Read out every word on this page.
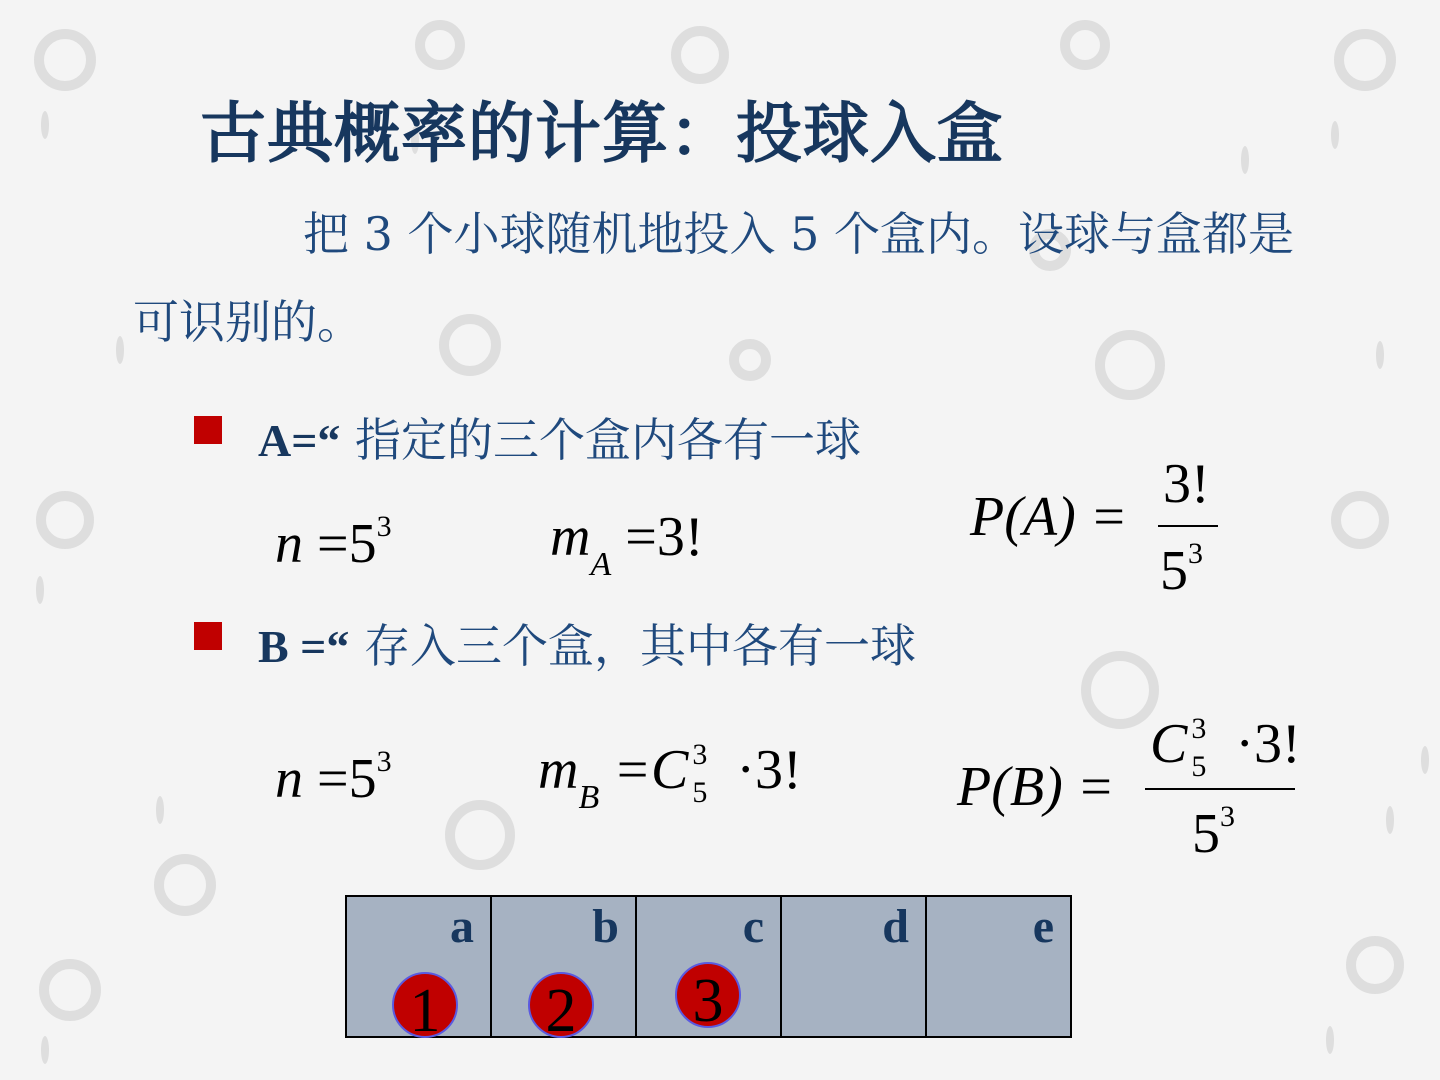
古典概率的计算：投球入盒
把 3 个小球随机地投入 5 个盒内。设球与盒都是可识别的。
A=“ 指定的三个盒内各有一球
$n =5^3$	$m_A =3$!	P(A) =
3!
$5^3$
B =“ 存入三个盒，其中各有一球
$n =5^3$	$m_B =C$ 3
5 ·3!	P(B) =
C 3
5 ·3!
$5^3$
a b	c d	e
1 2 3
